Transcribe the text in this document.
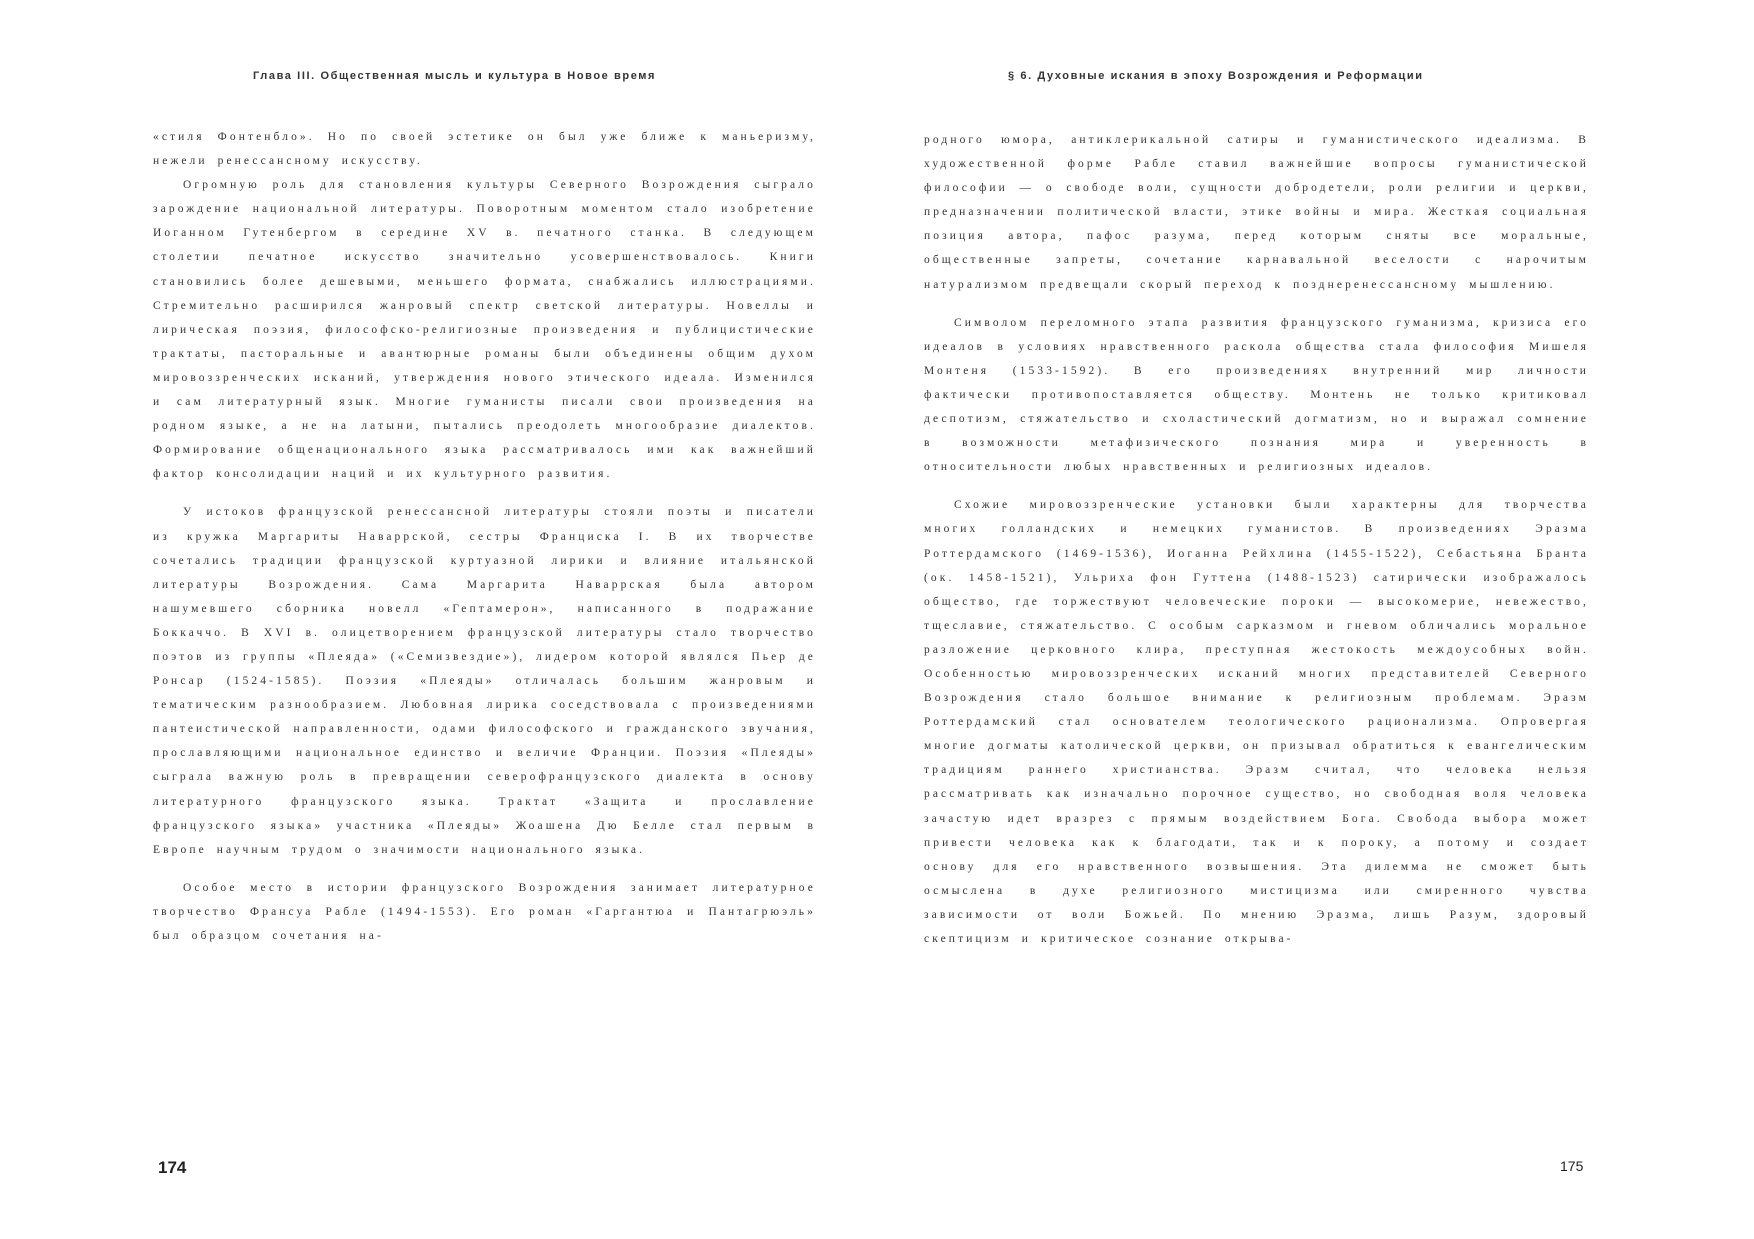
Глава III. Общественная мысль и культура в Новое время

«стиля Фонтенбло». Но по своей эстетике он был уже ближе к маньеризму, нежели ренессансному искусству.

Огромную роль для становления культуры Северного Возрождения сыграло зарождение национальной литературы. Поворотным моментом стало изобретение Иоганном Гутенбергом в середине XV в. печатного станка. В следующем столетии печатное искусство значительно усовершенствовалось. Книги становились более дешевыми, меньшего формата, снабжались иллюстрациями. Стремительно расширился жанровый спектр светской литературы. Новеллы и лирическая поэзия, философско-религиозные произведения и публицистические трактаты, пасторальные и авантюрные романы были объединены общим духом мировоззренческих исканий, утверждения нового этического идеала. Изменился и сам литературный язык. Многие гуманисты писали свои произведения на родном языке, а не на латыни, пытались преодолеть многообразие диалектов. Формирование общенационального языка рассматривалось ими как важнейший фактор консолидации наций и их культурного развития.

У истоков французской ренессансной литературы стояли поэты и писатели из кружка Маргариты Наваррской, сестры Франциска I. В их творчестве сочетались традиции французской куртуазной лирики и влияние итальянской литературы Возрождения. Сама Маргарита Наваррская была автором нашумевшего сборника новелл «Гептамерон», написанного в подражание Боккаччо. В XVI в. олицетворением французской литературы стало творчество поэтов из группы «Плеяда» («Семизвездие»), лидером которой являлся Пьер де Ронсар (1524-1585). Поэзия «Плеяды» отличалась большим жанровым и тематическим разнообразием. Любовная лирика соседствовала с произведениями пантеистической направленности, одами философского и гражданского звучания, прославляющими национальное единство и величие Франции. Поэзия «Плеяды» сыграла важную роль в превращении северофранцузского диалекта в основу литературного французского языка. Трактат «Защита и прославление французского языка» участника «Плеяды» Жоашена Дю Белле стал первым в Европе научным трудом о значимости национального языка.

Особое место в истории французского Возрождения занимает литературное творчество Франсуа Рабле (1494-1553). Его роман «Гаргантюа и Пантагрюэль» был образцом сочетания на-

174
§ 6. Духовные искания в эпоху Возрождения и Реформации

родного юмора, антиклерикальной сатиры и гуманистического идеализма. В художественной форме Рабле ставил важнейшие вопросы гуманистической философии — о свободе воли, сущности добродетели, роли религии и церкви, предназначении политической власти, этике войны и мира. Жесткая социальная позиция автора, пафос разума, перед которым сняты все моральные, общественные запреты, сочетание карнавальной веселости с нарочитым натурализмом предвещали скорый переход к позднеренессансному мышлению.

Символом переломного этапа развития французского гуманизма, кризиса его идеалов в условиях нравственного раскола общества стала философия Мишеля Монтеня (1533-1592). В его произведениях внутренний мир личности фактически противопоставляется обществу. Монтень не только критиковал деспотизм, стяжательство и схоластический догматизм, но и выражал сомнение в возможности метафизического познания мира и уверенность в относительности любых нравственных и религиозных идеалов.

Схожие мировоззренческие установки были характерны для творчества многих голландских и немецких гуманистов. В произведениях Эразма Роттердамского (1469-1536), Иоганна Рейхлина (1455-1522), Себастьяна Бранта (ок. 1458-1521), Ульриха фон Гуттена (1488-1523) сатирически изображалось общество, где торжествуют человеческие пороки — высокомерие, невежество, тщеславие, стяжательство. С особым сарказмом и гневом обличались моральное разложение церковного клира, преступная жестокость междоусобных войн. Особенностью мировоззренческих исканий многих представителей Северного Возрождения стало большое внимание к религиозным проблемам. Эразм Роттердамский стал основателем теологического рационализма. Опровергая многие догматы католической церкви, он призывал обратиться к евангелическим традициям раннего христианства. Эразм считал, что человека нельзя рассматривать как изначально порочное существо, но свободная воля человека зачастую идет вразрез с прямым воздействием Бога. Свобода выбора может привести человека как к благодати, так и к пороку, а потому и создает основу для его нравственного возвышения. Эта дилемма не сможет быть осмыслена в духе религиозного мистицизма или смиренного чувства зависимости от воли Божьей. По мнению Эразма, лишь Разум, здоровый скептицизм и критическое сознание открыва-

175
